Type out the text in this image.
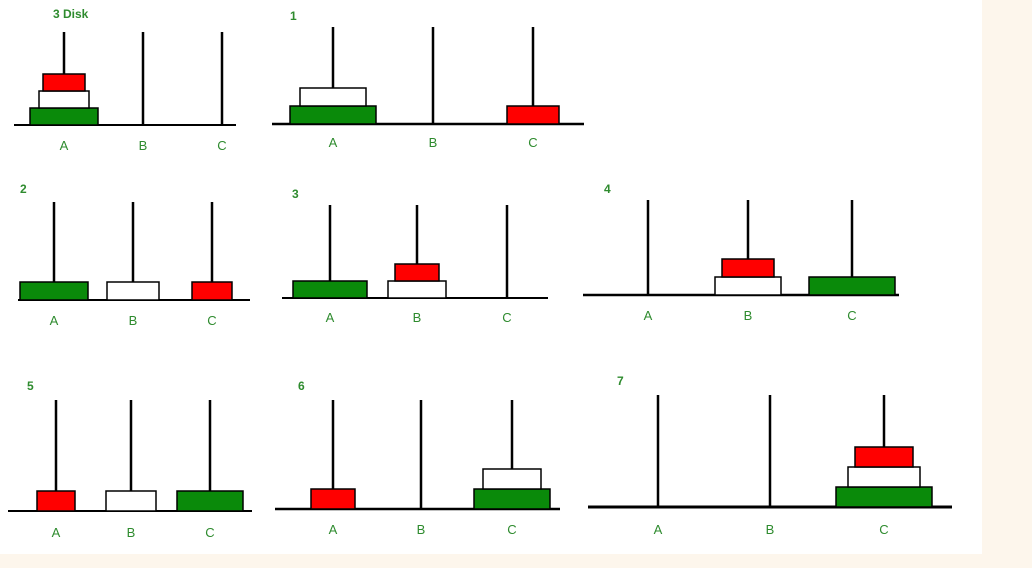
3 Disk
A	B	C
1
A	B	C
2
A	B	C
3
A	B	C
4
A	B	C
5
A	B	C
6
A	B	C
7
A	B	C
